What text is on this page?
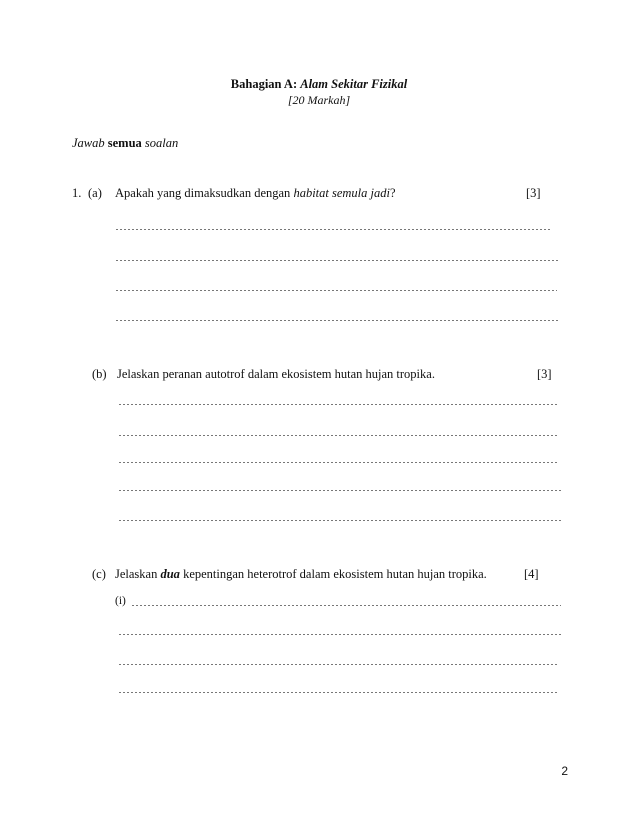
Bahagian A: Alam Sekitar Fizikal
[20 Markah]
Jawab semua soalan
1. (a) Apakah yang dimaksudkan dengan habitat semula jadi?	[3]
(b) Jelaskan peranan autotrof dalam ekosistem hutan hujan tropika.	[3]
(c) Jelaskan dua kepentingan heterotrof dalam ekosistem hutan hujan tropika.	[4]
(i)
2
